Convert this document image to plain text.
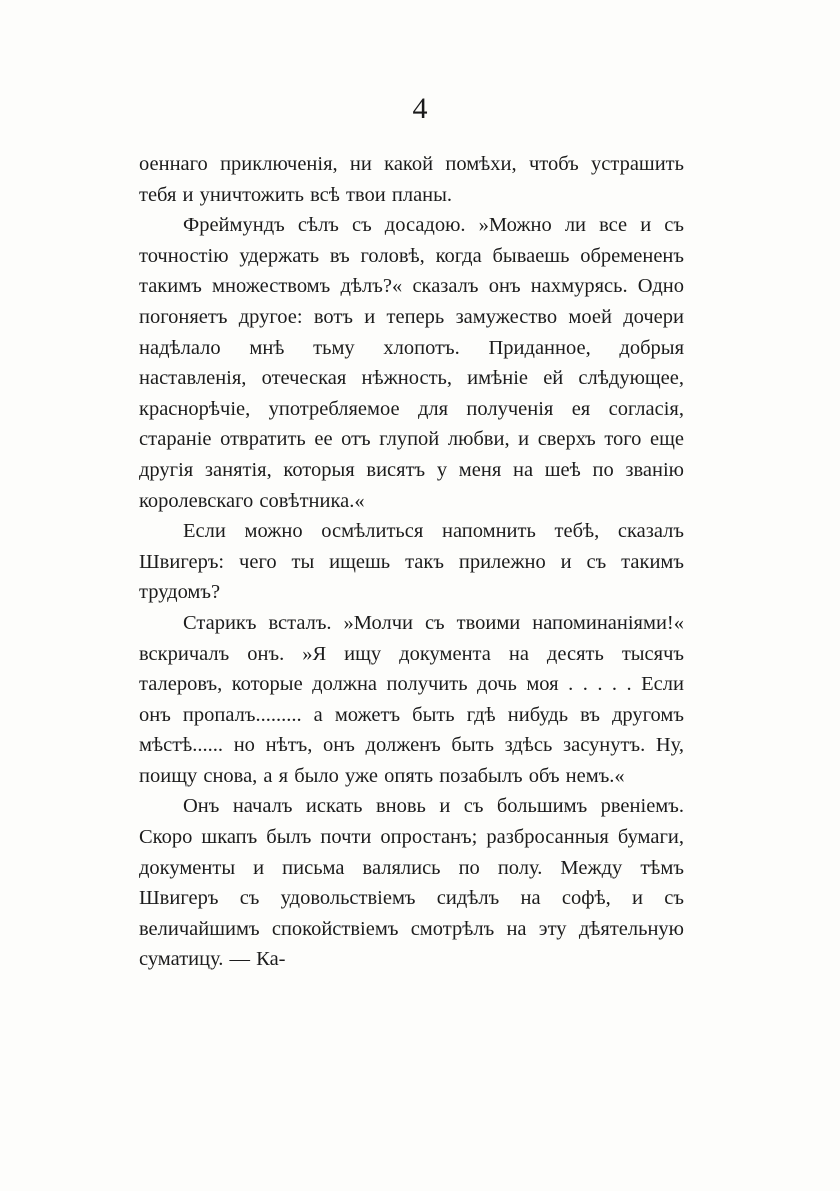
4

оеннаго приключенія, ни какой помѣхи, чтобъ устрашить тебя и уничтожить всѣ твои планы.

Фреймундъ сѣлъ съ досадою. »Можно ли все и съ точностію удержать въ головѣ, когда бываешь обремененъ такимъ множествомъ дѣлъ?« сказалъ онъ нахмурясь. Одно погоняетъ другое: вотъ и теперь замужество моей дочери надѣлало мнѣ тьму хлопотъ. Приданное, добрыя наставленія, отеческая нѣжность, имѣніе ей слѣдующее, краснорѣчіе, употребляемое для полученія ея согласія, стараніе отвратить ее отъ глупой любви, и сверхъ того еще другія занятія, которыя висятъ у меня на шеѣ по званію королевскаго совѣтника.«

Если можно осмѣлиться напомнить тебѣ, сказалъ Швигеръ: чего ты ищешь такъ прилежно и съ такимъ трудомъ?

Старикъ всталъ. »Молчи съ твоими напоминаніями!« вскричалъ онъ. »Я ищу документа на десять тысячъ талеровъ, которые должна получить дочь моя . . . . . Если онъ пропалъ......... а можетъ быть гдѣ нибудь въ другомъ мѣстѣ...... но нѣтъ, онъ долженъ быть здѣсь засунутъ. Ну, поищу снова, а я было уже опять позабылъ объ немъ.«

Онъ началъ искать вновь и съ большимъ рвеніемъ. Скоро шкапъ былъ почти опростанъ; разбросанныя бумаги, документы и письма валялись по полу. Между тѣмъ Швигеръ съ удовольствіемъ сидѣлъ на софѣ, и съ величайшимъ спокойствіемъ смотрѣлъ на эту дѣятельную суматицу. — Ка-
